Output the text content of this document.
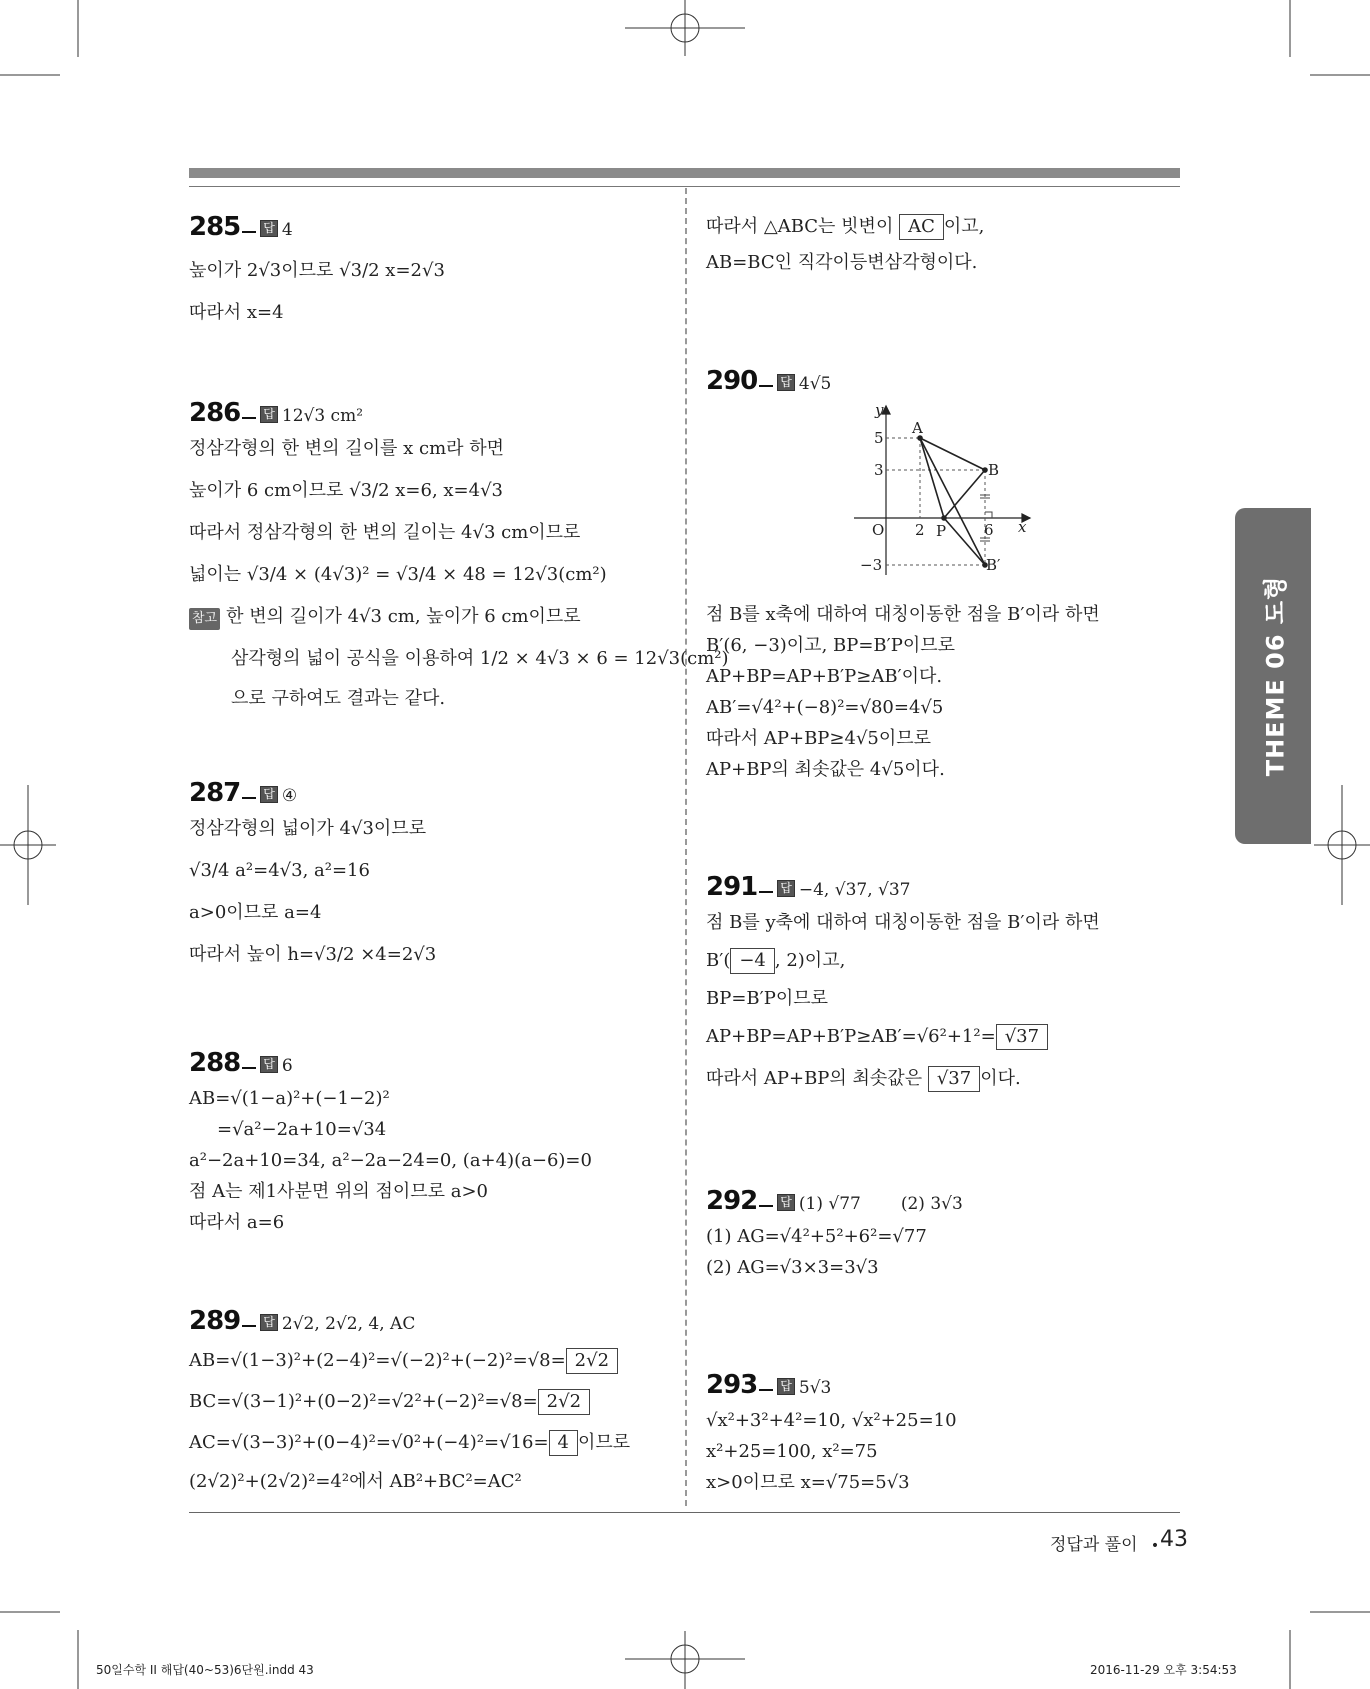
THEME 06 도형
285 답 4
높이가 2√3이므로 √3/2 x=2√3
따라서 x=4
286 답 12√3 cm²
정삼각형의 한 변의 길이를 x cm라 하면
높이가 6 cm이므로 √3/2 x=6, x=4√3
따라서 정삼각형의 한 변의 길이는 4√3 cm이므로
넓이는 √3/4 × (4√3)² = √3/4 × 48 = 12√3(cm²)
참고 한 변의 길이가 4√3 cm, 높이가 6 cm이므로
삼각형의 넓이 공식을 이용하여 1/2 × 4√3 × 6 = 12√3(cm²)
으로 구하여도 결과는 같다.
287 답 ④
정삼각형의 넓이가 4√3이므로
√3/4 a²=4√3, a²=16
a>0이므로 a=4
따라서 높이 h=√3/2 ×4=2√3
288 답 6
AB=√(1−a)²+(−1−2)²
=√a²−2a+10=√34
a²−2a+10=34, a²−2a−24=0, (a+4)(a−6)=0
점 A는 제1사분면 위의 점이므로 a>0
따라서 a=6
289 답 2√2, 2√2, 4, AC
AB=√(1−3)²+(2−4)²=√(−2)²+(−2)²=√8= 2√2
BC=√(3−1)²+(0−2)²=√2²+(−2)²=√8= 2√2
AC=√(3−3)²+(0−4)²=√0²+(−4)²=√16= 4 이므로
(2√2)²+(2√2)²=4²에서 AB²+BC²=AC²
따라서 △ABC는 빗변이 AC 이고,
AB=BC인 직각이등변삼각형이다.
290 답 4√5
y
x
O
5
3
−3
2	6
A
B
P
B′
점 B를 x축에 대하여 대칭이동한 점을 B′이라 하면
B′(6, −3)이고, BP=B′P이므로
AP+BP=AP+B′P≥AB′이다.
AB′=√4²+(−8)²=√80=4√5
따라서 AP+BP≥4√5이므로
AP+BP의 최솟값은 4√5이다.
291 답 −4, √37, √37
점 B를 y축에 대하여 대칭이동한 점을 B′이라 하면
B′( −4 , 2)이고,
BP=B′P이므로
AP+BP=AP+B′P≥AB′=√6²+1²= √37
따라서 AP+BP의 최솟값은 √37 이다.
292 답 (1) √77 (2) 3√3
(1) AG=√4²+5²+6²=√77
(2) AG=√3×3=3√3
293 답 5√3
√x²+3²+4²=10, √x²+25=10
x²+25=100, x²=75
x>0이므로 x=√75=5√3
정답과 풀이 • 43
50일수학 II 해답(40~53)6단원.indd 43	2016-11-29 오후 3:54:53
